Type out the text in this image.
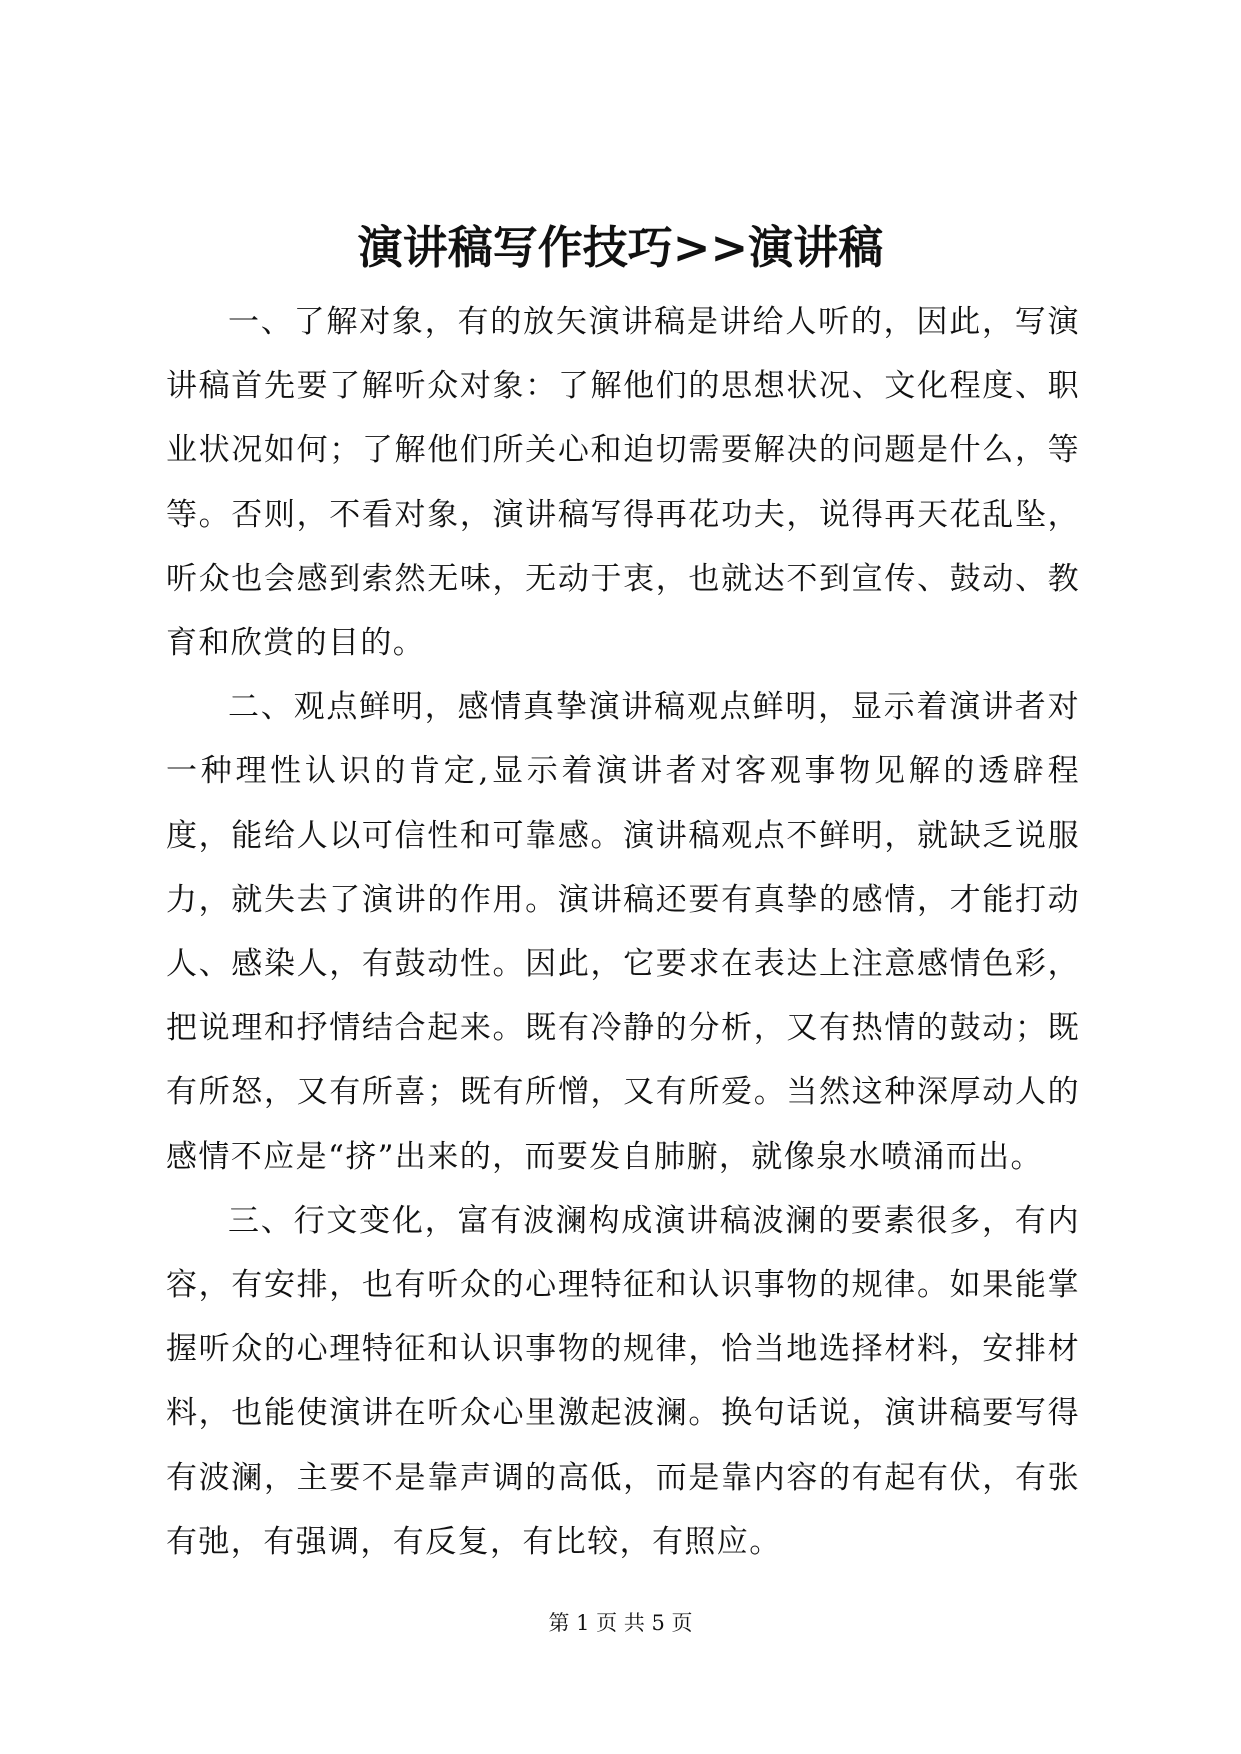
演讲稿写作技巧>>演讲稿

一、了解对象，有的放矢演讲稿是讲给人听的，因此，写演讲稿首先要了解听众对象：了解他们的思想状况、文化程度、职业状况如何；了解他们所关心和迫切需要解决的问题是什么，等等。否则，不看对象，演讲稿写得再花功夫，说得再天花乱坠，听众也会感到索然无味，无动于衷，也就达不到宣传、鼓动、教育和欣赏的目的。

二、观点鲜明，感情真挚演讲稿观点鲜明，显示着演讲者对一种理性认识的肯定,显示着演讲者对客观事物见解的透辟程度，能给人以可信性和可靠感。演讲稿观点不鲜明，就缺乏说服力，就失去了演讲的作用。演讲稿还要有真挚的感情，才能打动人、感染人，有鼓动性。因此，它要求在表达上注意感情色彩，把说理和抒情结合起来。既有冷静的分析，又有热情的鼓动；既有所怒，又有所喜；既有所憎，又有所爱。当然这种深厚动人的感情不应是“挤”出来的，而要发自肺腑，就像泉水喷涌而出。

三、行文变化，富有波澜构成演讲稿波澜的要素很多，有内容，有安排，也有听众的心理特征和认识事物的规律。如果能掌握听众的心理特征和认识事物的规律，恰当地选择材料，安排材料，也能使演讲在听众心里激起波澜。换句话说，演讲稿要写得有波澜，主要不是靠声调的高低，而是靠内容的有起有伏，有张有弛，有强调，有反复，有比较，有照应。

第 1 页 共 5 页
